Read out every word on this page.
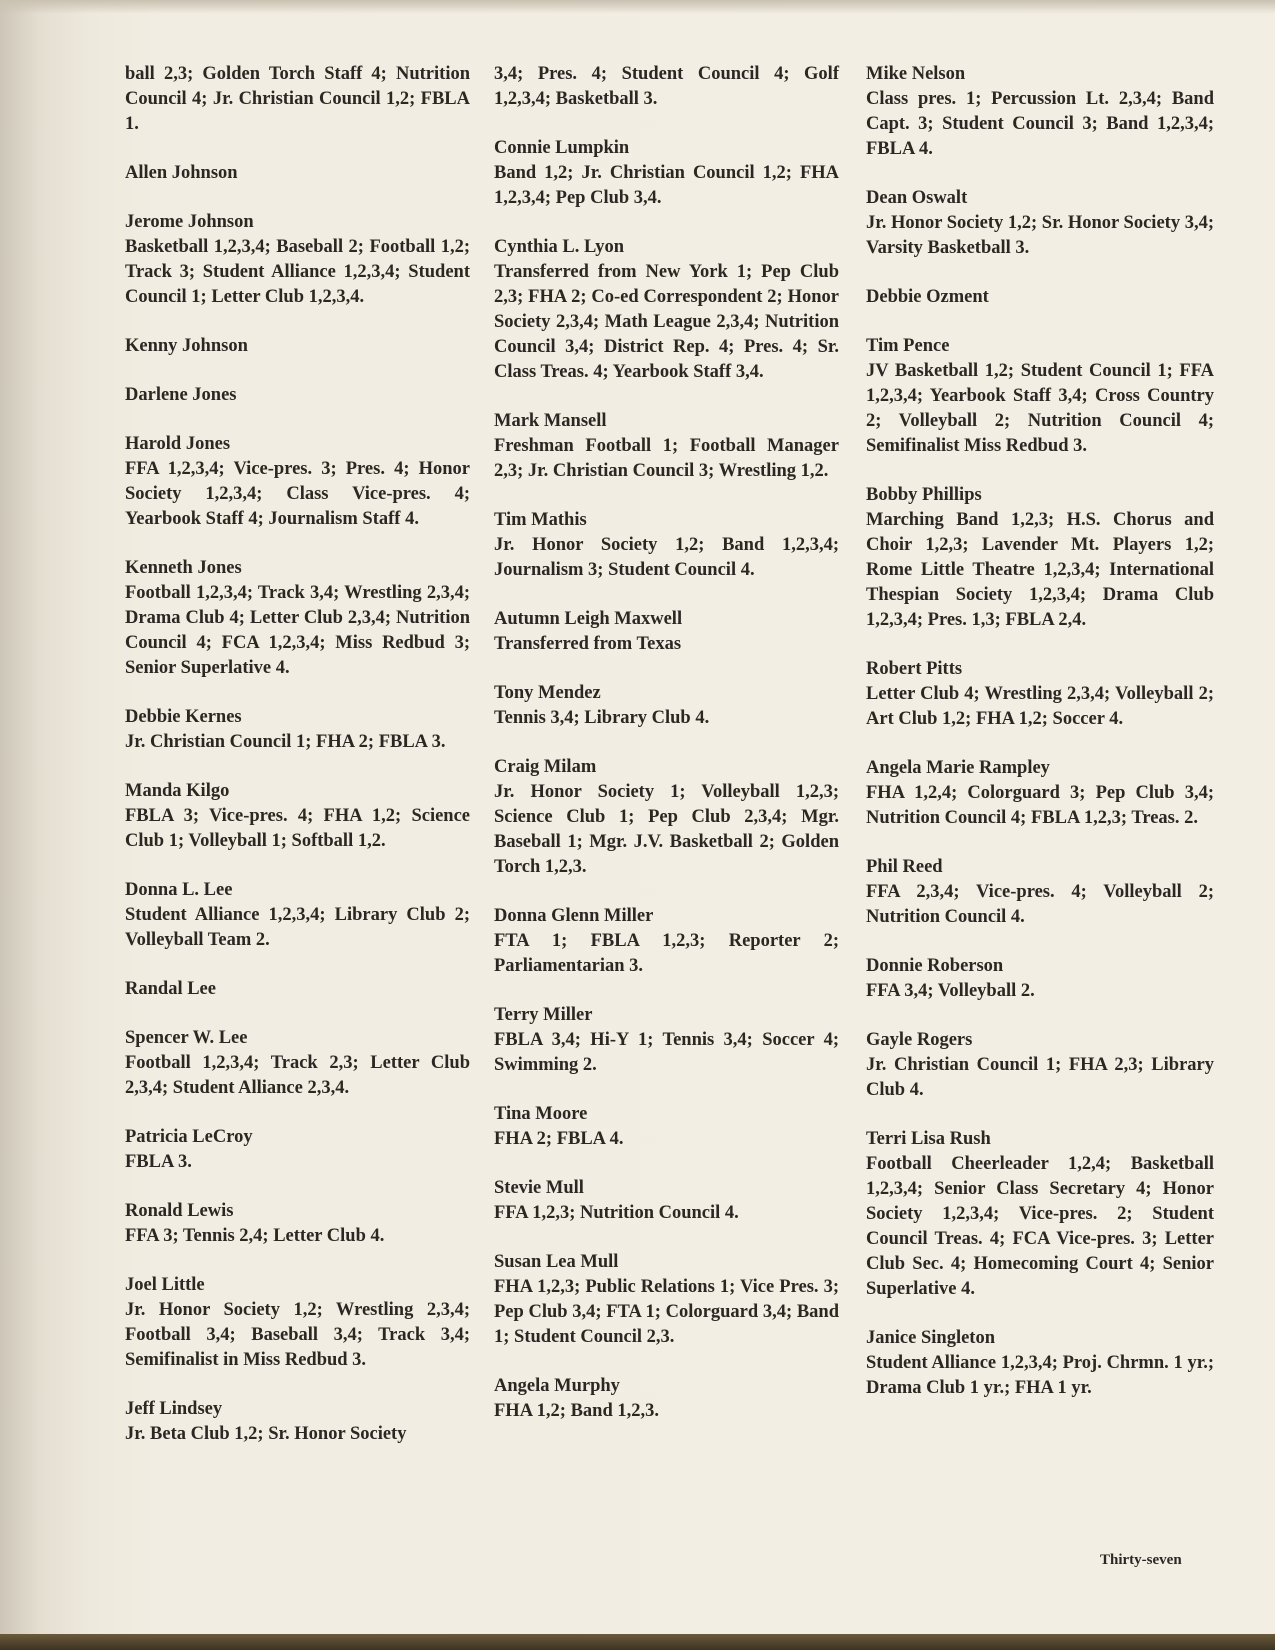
ball 2,3; Golden Torch Staff 4; Nutrition Council 4; Jr. Christian Council 1,2; FBLA 1.
Allen Johnson
Jerome Johnson
Basketball 1,2,3,4; Baseball 2; Football 1,2; Track 3; Student Alliance 1,2,3,4; Student Council 1; Letter Club 1,2,3,4.
Kenny Johnson
Darlene Jones
Harold Jones
FFA 1,2,3,4; Vice-pres. 3; Pres. 4; Honor Society 1,2,3,4; Class Vice-pres. 4; Yearbook Staff 4; Journalism Staff 4.
Kenneth Jones
Football 1,2,3,4; Track 3,4; Wrestling 2,3,4; Drama Club 4; Letter Club 2,3,4; Nutrition Council 4; FCA 1,2,3,4; Miss Redbud 3; Senior Superlative 4.
Debbie Kernes
Jr. Christian Council 1; FHA 2; FBLA 3.
Manda Kilgo
FBLA 3; Vice-pres. 4; FHA 1,2; Science Club 1; Volleyball 1; Softball 1,2.
Donna L. Lee
Student Alliance 1,2,3,4; Library Club 2; Volleyball Team 2.
Randal Lee
Spencer W. Lee
Football 1,2,3,4; Track 2,3; Letter Club 2,3,4; Student Alliance 2,3,4.
Patricia LeCroy
FBLA 3.
Ronald Lewis
FFA 3; Tennis 2,4; Letter Club 4.
Joel Little
Jr. Honor Society 1,2; Wrestling 2,3,4; Football 3,4; Baseball 3,4; Track 3,4; Semifinalist in Miss Redbud 3.
Jeff Lindsey
Jr. Beta Club 1,2; Sr. Honor Society
3,4; Pres. 4; Student Council 4; Golf 1,2,3,4; Basketball 3.
Connie Lumpkin
Band 1,2; Jr. Christian Council 1,2; FHA 1,2,3,4; Pep Club 3,4.
Cynthia L. Lyon
Transferred from New York 1; Pep Club 2,3; FHA 2; Co-ed Correspondent 2; Honor Society 2,3,4; Math League 2,3,4; Nutrition Council 3,4; District Rep. 4; Pres. 4; Sr. Class Treas. 4; Yearbook Staff 3,4.
Mark Mansell
Freshman Football 1; Football Manager 2,3; Jr. Christian Council 3; Wrestling 1,2.
Tim Mathis
Jr. Honor Society 1,2; Band 1,2,3,4; Journalism 3; Student Council 4.
Autumn Leigh Maxwell
Transferred from Texas
Tony Mendez
Tennis 3,4; Library Club 4.
Craig Milam
Jr. Honor Society 1; Volleyball 1,2,3; Science Club 1; Pep Club 2,3,4; Mgr. Baseball 1; Mgr. J.V. Basketball 2; Golden Torch 1,2,3.
Donna Glenn Miller
FTA 1; FBLA 1,2,3; Reporter 2; Parliamentarian 3.
Terry Miller
FBLA 3,4; Hi-Y 1; Tennis 3,4; Soccer 4; Swimming 2.
Tina Moore
FHA 2; FBLA 4.
Stevie Mull
FFA 1,2,3; Nutrition Council 4.
Susan Lea Mull
FHA 1,2,3; Public Relations 1; Vice Pres. 3; Pep Club 3,4; FTA 1; Colorguard 3,4; Band 1; Student Council 2,3.
Angela Murphy
FHA 1,2; Band 1,2,3.
Mike Nelson
Class pres. 1; Percussion Lt. 2,3,4; Band Capt. 3; Student Council 3; Band 1,2,3,4; FBLA 4.
Dean Oswalt
Jr. Honor Society 1,2; Sr. Honor Society 3,4; Varsity Basketball 3.
Debbie Ozment
Tim Pence
JV Basketball 1,2; Student Council 1; FFA 1,2,3,4; Yearbook Staff 3,4; Cross Country 2; Volleyball 2; Nutrition Council 4; Semifinalist Miss Redbud 3.
Bobby Phillips
Marching Band 1,2,3; H.S. Chorus and Choir 1,2,3; Lavender Mt. Players 1,2; Rome Little Theatre 1,2,3,4; International Thespian Society 1,2,3,4; Drama Club 1,2,3,4; Pres. 1,3; FBLA 2,4.
Robert Pitts
Letter Club 4; Wrestling 2,3,4; Volleyball 2; Art Club 1,2; FHA 1,2; Soccer 4.
Angela Marie Rampley
FHA 1,2,4; Colorguard 3; Pep Club 3,4; Nutrition Council 4; FBLA 1,2,3; Treas. 2.
Phil Reed
FFA 2,3,4; Vice-pres. 4; Volleyball 2; Nutrition Council 4.
Donnie Roberson
FFA 3,4; Volleyball 2.
Gayle Rogers
Jr. Christian Council 1; FHA 2,3; Library Club 4.
Terri Lisa Rush
Football Cheerleader 1,2,4; Basketball 1,2,3,4; Senior Class Secretary 4; Honor Society 1,2,3,4; Vice-pres. 2; Student Council Treas. 4; FCA Vice-pres. 3; Letter Club Sec. 4; Homecoming Court 4; Senior Superlative 4.
Janice Singleton
Student Alliance 1,2,3,4; Proj. Chrmn. 1 yr.; Drama Club 1 yr.; FHA 1 yr.
Thirty-seven
